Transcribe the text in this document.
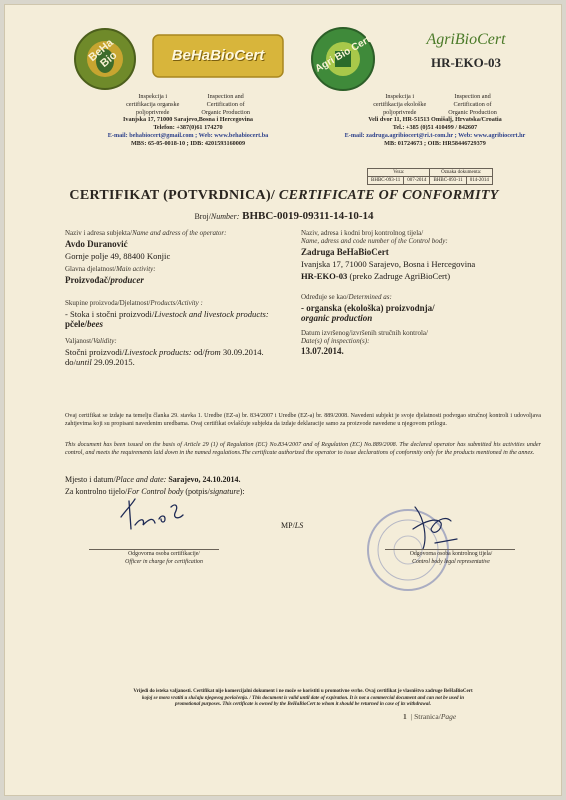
BeHa Bio	BeHaBioCert	Agri Bio Cert	AgriBioCert
HR-EKO-03
Inspekcija i
certifikacija organske
poljoprivrede
Inspection and
Certification of
Organic Production
Ivanjska 17, 71000 Sarajevo,Bosna i Hercegovina
Telefon: +387(0)61 174270
E-mail: behabiocert@gmail.com ; Web: www.behabiocert.ba
MBS: 65-05-0018-10 ; IDB: 4201593160009
Inspekcija i
certifikacija ekološke
poljoprivrede
Inspection and
Certification of
Organic Production
Veli dvor 11, HR-51513 Omišalj, Hrvatska/Croatia
Tel.: +385 (0)51 410499 / 842607
E-mail: zadruga.agribiocert@ri.t-com.hr ; Web: www.agribiocert.hr
MB: 01724673 ; OIB: HR58446729379
Veza:		Oznaka dokumenta:	
BHBC-093-11	007-2014	BHBC-093-11	014-2014
CERTIFIKAT (POTVRDNICA)/ CERTIFICATE OF CONFORMITY
Broj/Number: BHBC-0019-09311-14-10-14
Naziv i adresa subjekta/Name and adress of the operator:
Avdo Duranović
Gornje polje 49, 88400 Konjic
Glavna djelatnost/Main activity:
Proizvođač/producer
Skupine proizvoda/Djelatnost/Products/Activity :
- Stoka i stočni proizvodi/Livestock and livestock products:
pčele/bees
Valjanost/Validity:
Stočni proizvodi/Livestock products: od/from 30.09.2014.
do/until 29.09.2015.
Naziv, adresa i kodni broj kontrolnog tijela/
Name, adress and code number of the Control body:
Zadruga BeHaBioCert
Ivanjska 17, 71000 Sarajevo, Bosna i Hercegovina
HR-EKO-03 (preko Zadruge AgriBioCert)
Određuje se kao/Determined as:
- organska (ekološka) proizvodnja/
organic production
Datum izvršenog/izvršenih stručnih kontrola/
Date(s) of inspection(s):
13.07.2014.
Ovaj certifikat se izdaje na temelju članka 29. stavka 1. Uredbe (EZ-a) br. 834/2007 i Uredbe (EZ-a) br. 889/2008. Navedeni subjekt je svoje djelatnosti podvrgao stručnoj kontroli i udovoljava zahtjevima koji su propisani navedenim uredbama. Ovaj certifikat ovlašćuje subjekta da izdaje deklaracije samo za proizvode navedene u njegovom prilogu.
This document has been issued on the basis of Article 29 (1) of Regulation (EC) No.834/2007 and of Regulation (EC) No.889/2008. The declared operator has submitted his activities under control, and meets the requirements laid down in the named regulations.The certificate authorized the operator to issue declarations of conformity only for the products mentioned in the annex.
Mjesto i datum/Place and date: Sarajevo, 24.10.2014.
Za kontrolno tijelo/For Control body (potpis/signature):
MP/LS
Odgovorna osoba certifikacije/
Officer in charge for certification
Odgovorna osoba kontrolnog tijela/
Control body legal representative
Vrijedi do isteka valjanosti. Certifikat nije komercijalni dokument i ne može se koristiti u promotivne svrhe. Ovaj certifikat je vlasništvo zadruge BeHaBioCert
kojoj se mora vratiti u slučaju njegovog povlačenja. / This document is valid until date of expiration. It is not a commercial document and can not be used in
promotional purposes. This certificate is owned by the BeHaBioCert to whom it should be returned in case of its withdrawal.
1 | Stranica/Page
